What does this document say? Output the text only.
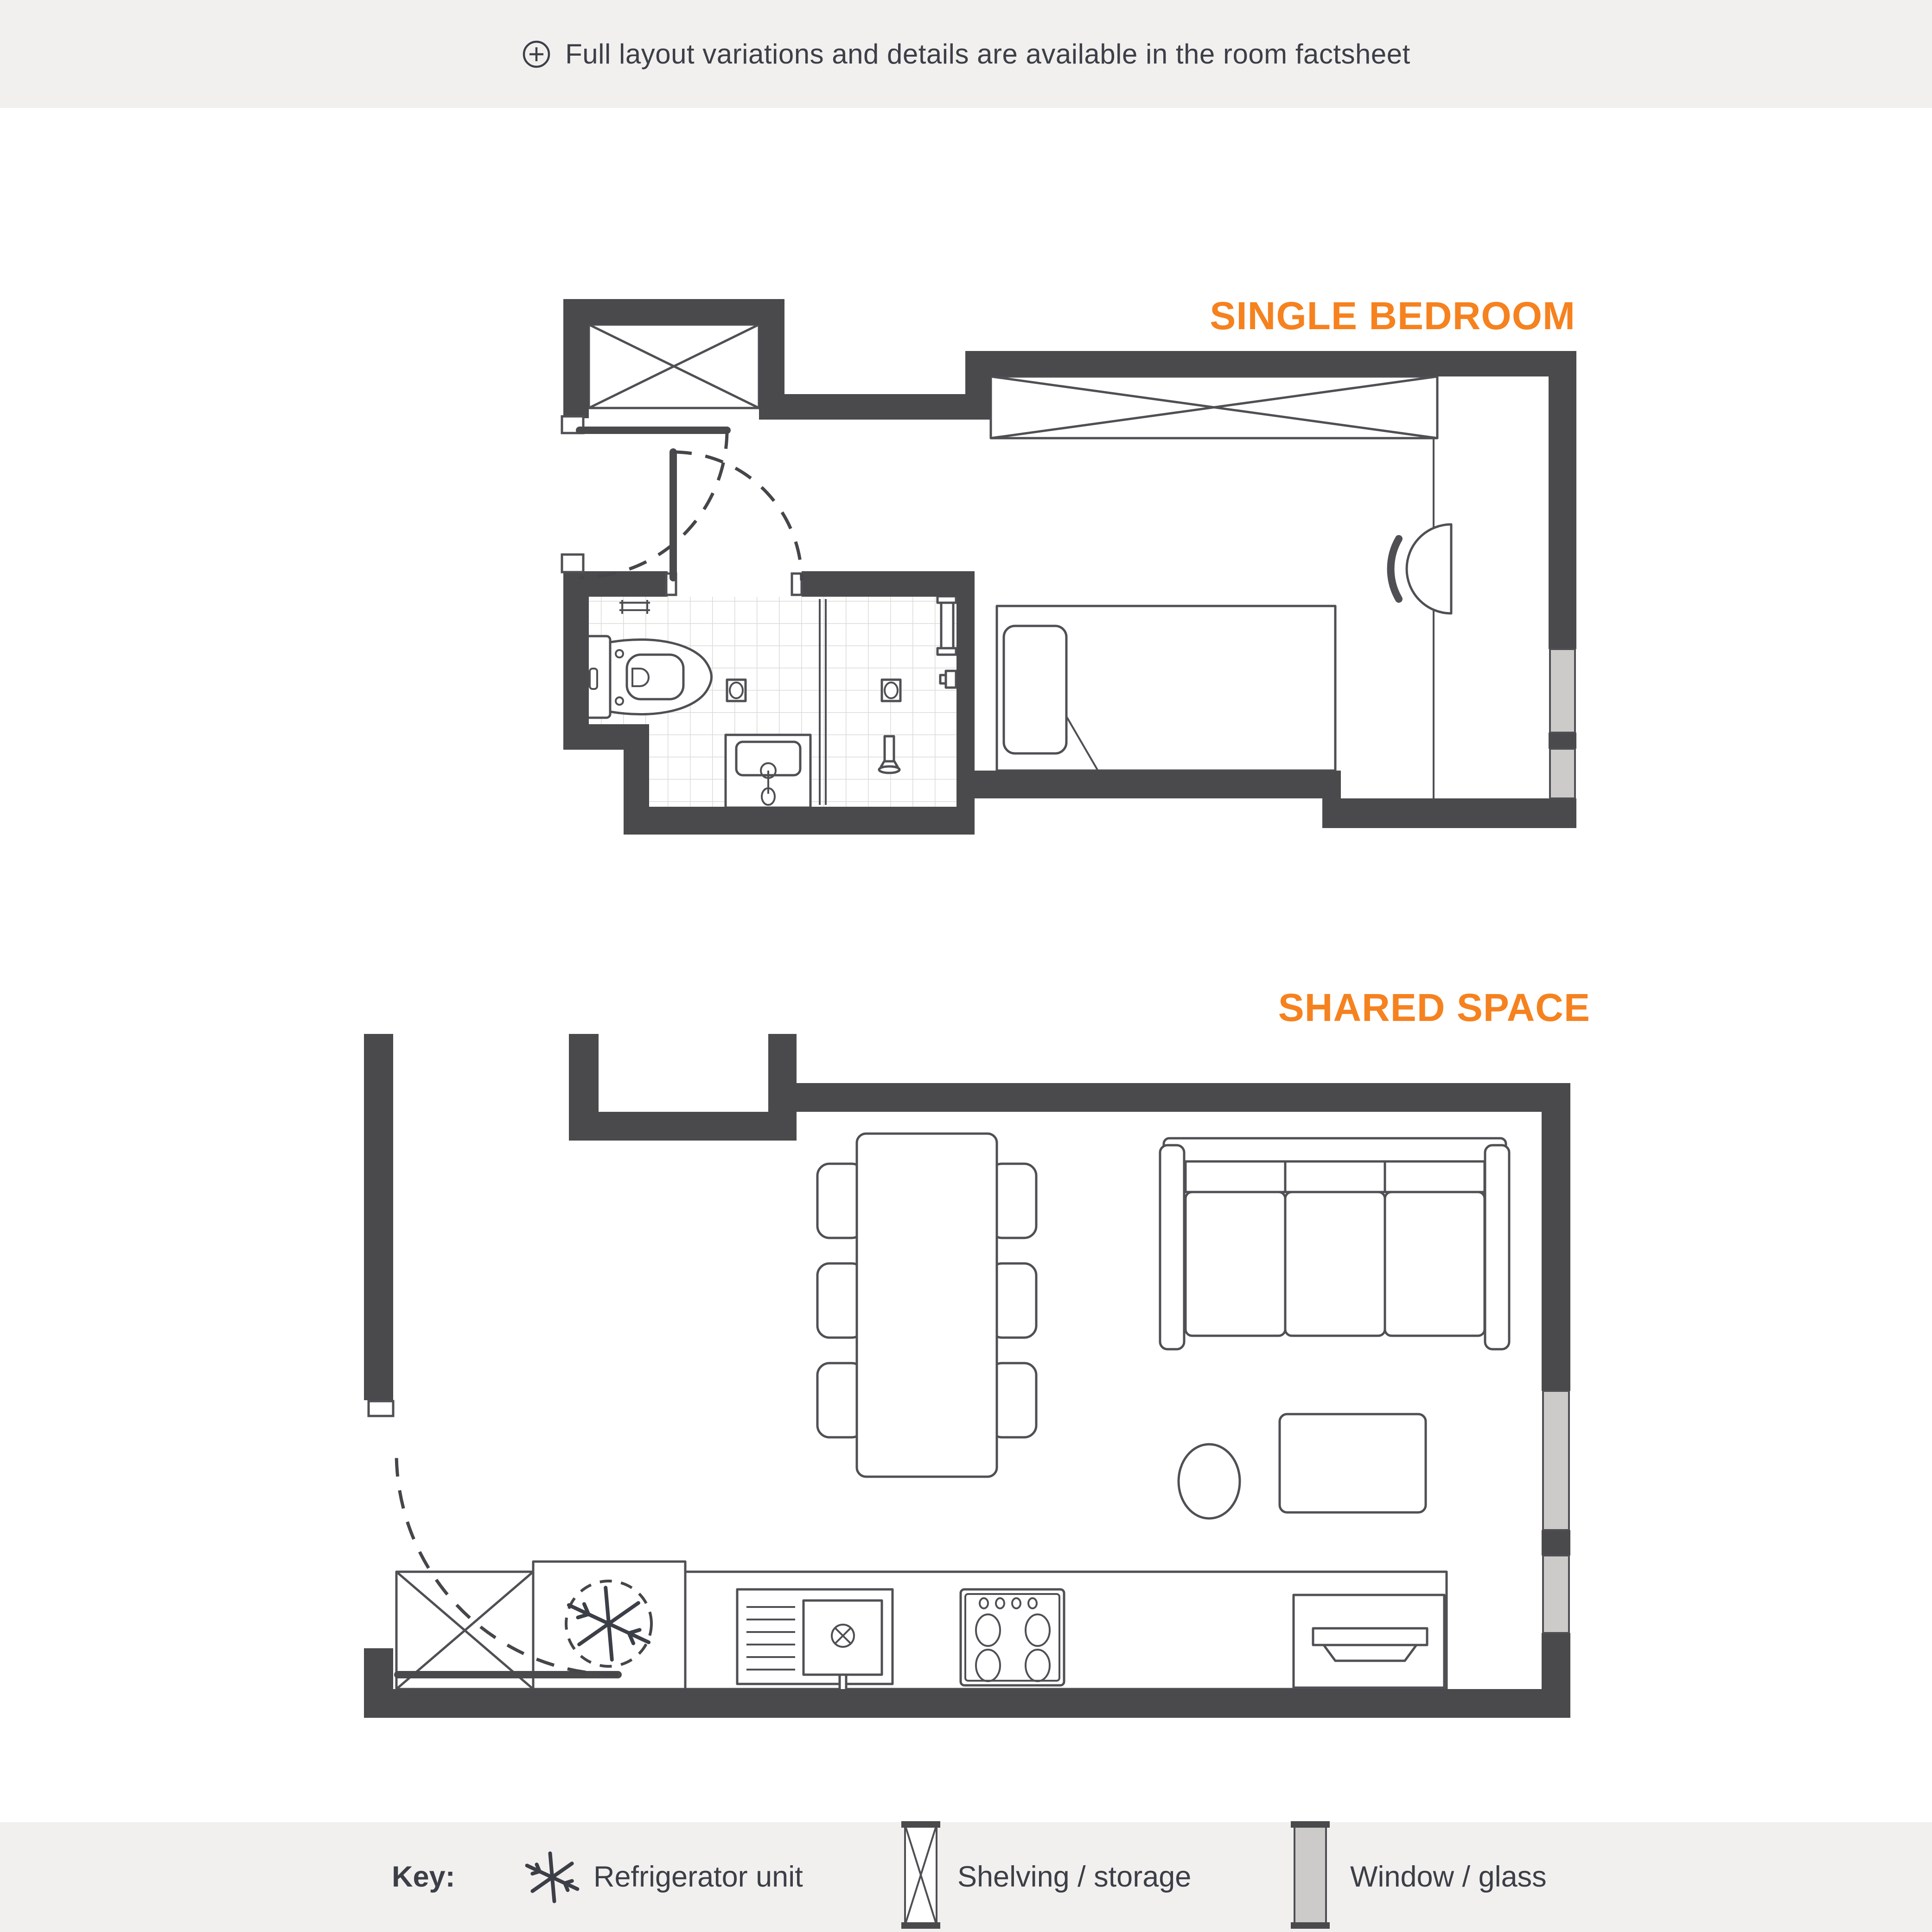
Full layout variations and details are available in the room factsheet
SINGLE BEDROOM
SHARED SPACE
Key:	Refrigerator unit	Shelving / storage	Window / glass
